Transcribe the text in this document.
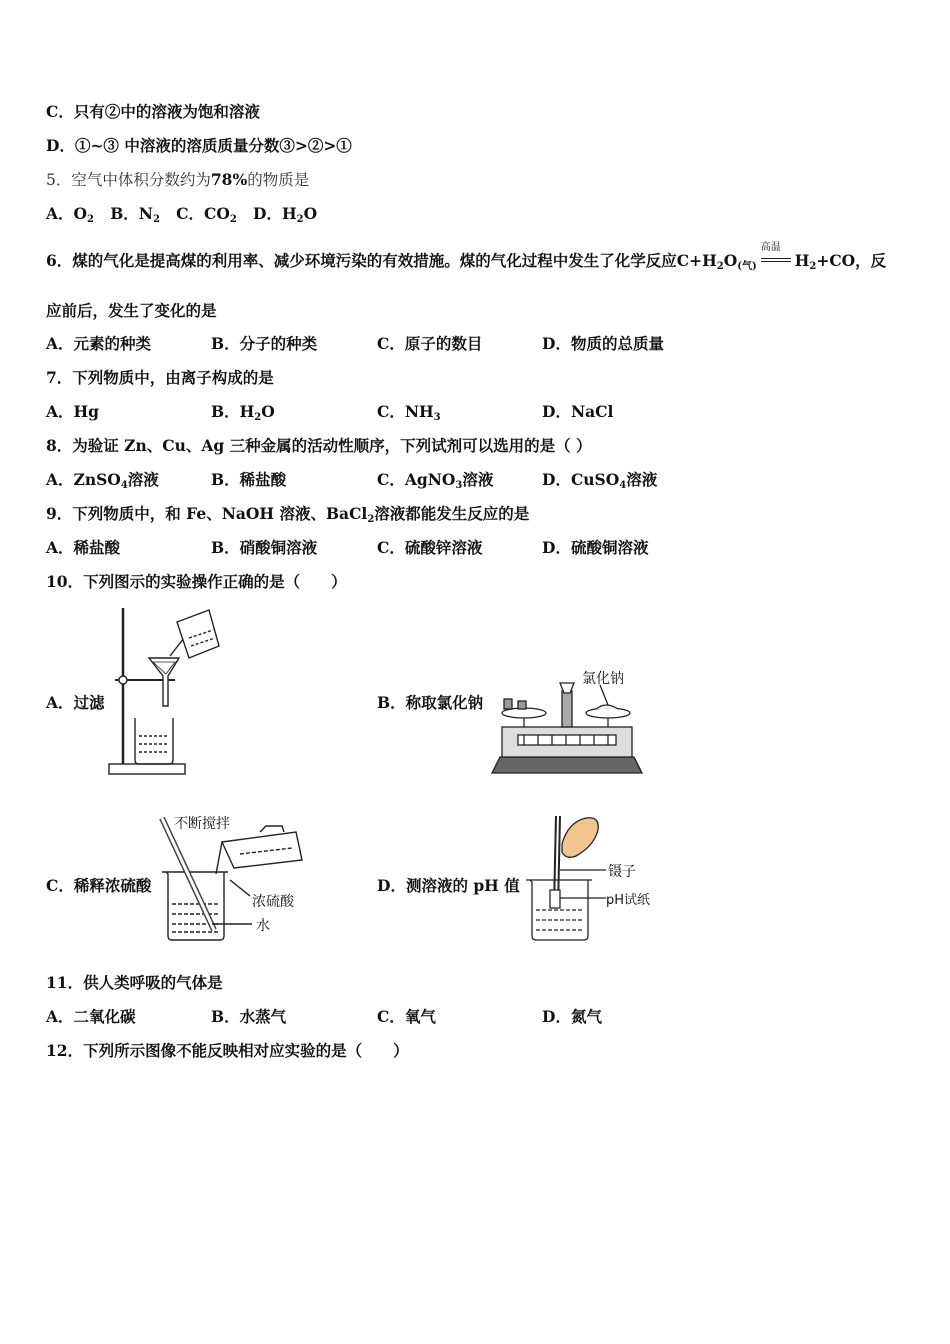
C．只有②中的溶液为饱和溶液
D．①~③ 中溶液的溶质质量分数③>②>①
5．空气中体积分数约为78%的物质是
A．$O_2$ B．$N_2$ C．$CO_2$ D．$H_2O$
6．煤的气化是提高煤的利用率、减少环境污染的有效措施。煤的气化过程中发生了化学反应$C+H_2O_{(气)}$
高温
$H_2+CO$，反
应前后，发生了变化的是
A．元素的种类	B．分子的种类	C．原子的数目	D．物质的总质量
7．下列物质中，由离子构成的是
A．Hg	B．$H_2O$	C．$NH_3$	D．NaCl
8．为验证 Zn、Cu、Ag 三种金属的活动性顺序，下列试剂可以选用的是（ ）
A．ZnSO$_4$溶液	B．稀盐酸	C．AgNO$_3$溶液	D．CuSO$_4$溶液
9．下列物质中，和 Fe、NaOH 溶液、BaCl$_2$溶液都能发生反应的是
A．稀盐酸	B．硝酸铜溶液	C．硫酸锌溶液	D．硫酸铜溶液
10．下列图示的实验操作正确的是（　　）
A．过滤	B．称取氯化钠
C．稀释浓硫酸	D．测溶液的 pH 值
氯化钠
不断搅拌
浓硫酸
水
镊子
pH试纸
11．供人类呼吸的气体是
A．二氧化碳	B．水蒸气	C．氧气	D．氮气
12．下列所示图像不能反映相对应实验的是（　　）
